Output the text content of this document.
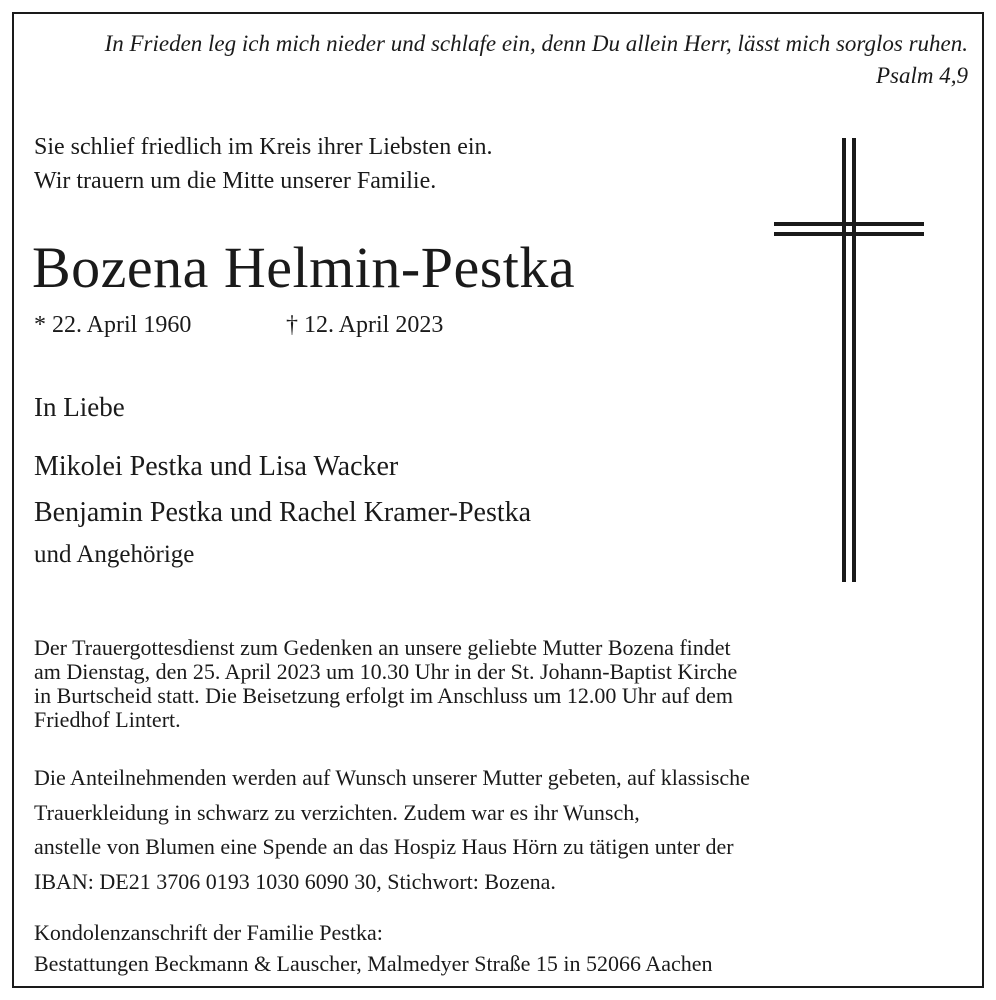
In Frieden leg ich mich nieder und schlafe ein, denn Du allein Herr, lässt mich sorglos ruhen.
Psalm 4,9
Sie schlief friedlich im Kreis ihrer Liebsten ein.
Wir trauern um die Mitte unserer Familie.
Bozena Helmin-Pestka
* 22. April 1960	† 12. April 2023
In Liebe
Mikolei Pestka und Lisa Wacker
Benjamin Pestka und Rachel Kramer-Pestka
und Angehörige
Der Trauergottesdienst zum Gedenken an unsere geliebte Mutter Bozena findet
am Dienstag, den 25. April 2023 um 10.30 Uhr in der St. Johann-Baptist Kirche
in Burtscheid statt. Die Beisetzung erfolgt im Anschluss um 12.00 Uhr auf dem
Friedhof Lintert.
Die Anteilnehmenden werden auf Wunsch unserer Mutter gebeten, auf klassische
Trauerkleidung in schwarz zu verzichten. Zudem war es ihr Wunsch,
anstelle von Blumen eine Spende an das Hospiz Haus Hörn zu tätigen unter der
IBAN: DE21 3706 0193 1030 6090 30, Stichwort: Bozena.
Kondolenzanschrift der Familie Pestka:
Bestattungen Beckmann & Lauscher, Malmedyer Straße 15 in 52066 Aachen
